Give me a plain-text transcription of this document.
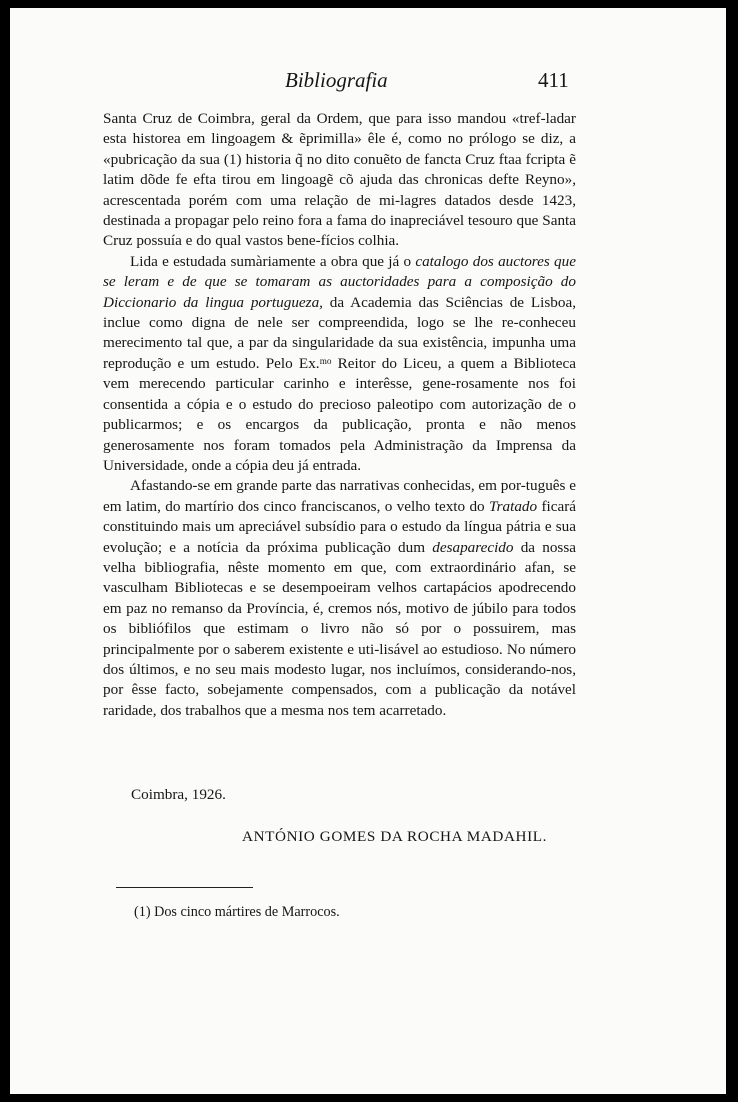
Bibliografia	411

Santa Cruz de Coimbra, geral da Ordem, que para isso mandou «tref-ladar esta historea em lingoagem & ẽprimilla» êle é, como no prólogo se diz, a «pubricação da sua (1) historia q̃ no dito conuẽto de fancta Cruz ftaa fcripta ẽ latim dõde fe efta tirou em lingoagẽ cõ ajuda das chronicas defte Reyno», acrescentada porém com uma relação de mi-lagres datados desde 1423, destinada a propagar pelo reino fora a fama do inapreciável tesouro que Santa Cruz possuía e do qual vastos bene-fícios colhia.

Lida e estudada sumàriamente a obra que já o catalogo dos auctores que se leram e de que se tomaram as auctoridades para a composição do Diccionario da lingua portugueza, da Academia das Sciências de Lisboa, inclue como digna de nele ser compreendida, logo se lhe re-conheceu merecimento tal que, a par da singularidade da sua existência, impunha uma reprodução e um estudo. Pelo Ex.ᵐᵒ Reitor do Liceu, a quem a Biblioteca vem merecendo particular carinho e interêsse, gene-rosamente nos foi consentida a cópia e o estudo do precioso paleotipo com autorização de o publicarmos; e os encargos da publicação, pronta e não menos generosamente nos foram tomados pela Administração da Imprensa da Universidade, onde a cópia deu já entrada.

Afastando-se em grande parte das narrativas conhecidas, em por-tuguês e em latim, do martírio dos cinco franciscanos, o velho texto do Tratado ficará constituindo mais um apreciável subsídio para o estudo da língua pátria e sua evolução; e a notícia da próxima publicação dum desaparecido da nossa velha bibliografia, nêste momento em que, com extraordinário afan, se vasculham Bibliotecas e se desempoeiram velhos cartapácios apodrecendo em paz no remanso da Província, é, cremos nós, motivo de júbilo para todos os bibliófilos que estimam o livro não só por o possuirem, mas principalmente por o saberem existente e uti-lisável ao estudioso. No número dos últimos, e no seu mais modesto lugar, nos incluímos, considerando-nos, por êsse facto, sobejamente compensados, com a publicação da notável raridade, dos trabalhos que a mesma nos tem acarretado.

Coimbra, 1926.
ANTÓNIO GOMES DA ROCHA MADAHIL.
(1) Dos cinco mártires de Marrocos.
